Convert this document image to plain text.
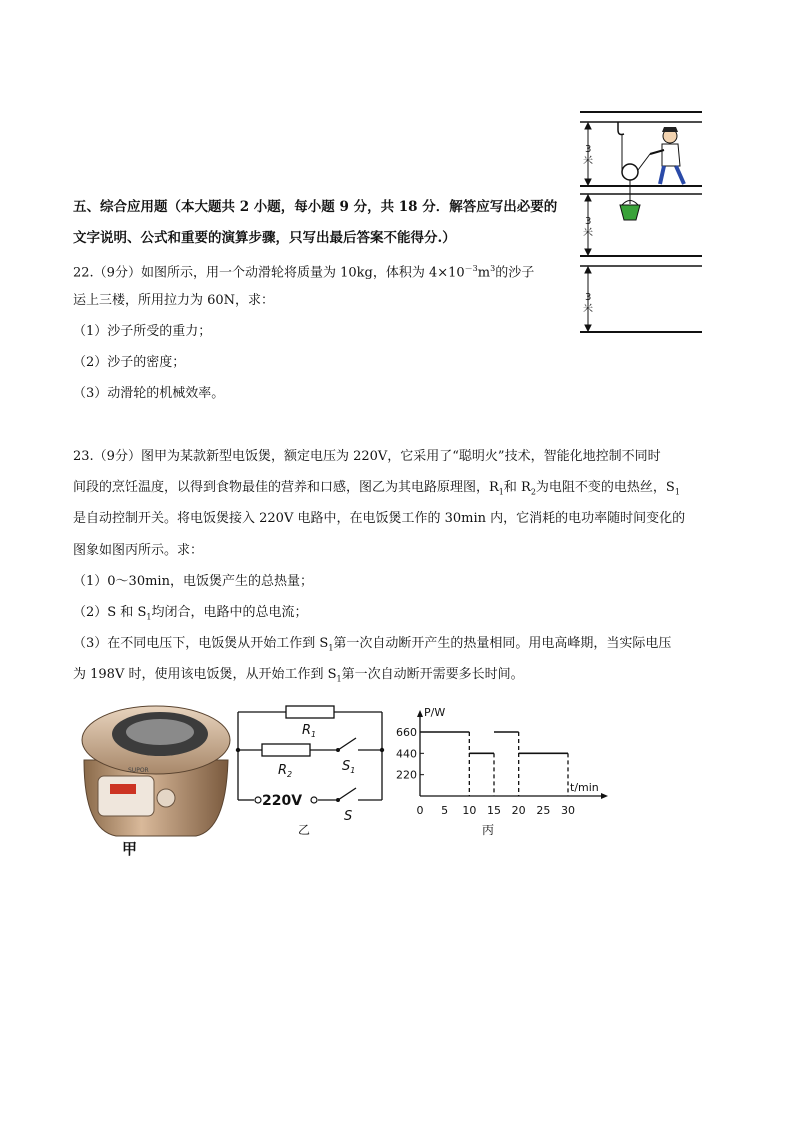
3
米
3
米
3
米
五、综合应用题（本大题共 2 小题，每小题 9 分，共 18 分．解答应写出必要的
文字说明、公式和重要的演算步骤，只写出最后答案不能得分.）
22.（9分）如图所示，用一个动滑轮将质量为 10kg，体积为 $4\times 10^{-3}m^3$的沙子
运上三楼，所用拉力为 60N，求：
（1）沙子所受的重力；
（2）沙子的密度；
（3）动滑轮的机械效率。
23.（9分）图甲为某款新型电饭煲，额定电压为 220V，它采用了“聪明火”技术，智能化地控制不同时
间段的烹饪温度，以得到食物最佳的营养和口感，图乙为其电路原理图，$R_1$和 $R_2$为电阻不变的电热丝，$S_1$
是自动控制开关。将电饭煲接入 220V 电路中，在电饭煲工作的 30min 内，它消耗的电功率随时间变化的
图象如图丙所示。求：
（1）0～30min，电饭煲产生的总热量；
（2）S 和 $S_1$均闭合，电路中的总电流；
（3）在不同电压下，电饭煲从开始工作到 $S_1$第一次自动断开产生的热量相同。用电高峰期，当实际电压
为 198V 时，使用该电饭煲，从开始工作到 $S_1$第一次自动断开需要多长时间。
SUPOR
甲
$R_1$
$R_2$
$S_1$
S
220V
乙
P/W
t/min
丙
0 5 10 15 20 25 30
220
440
660
